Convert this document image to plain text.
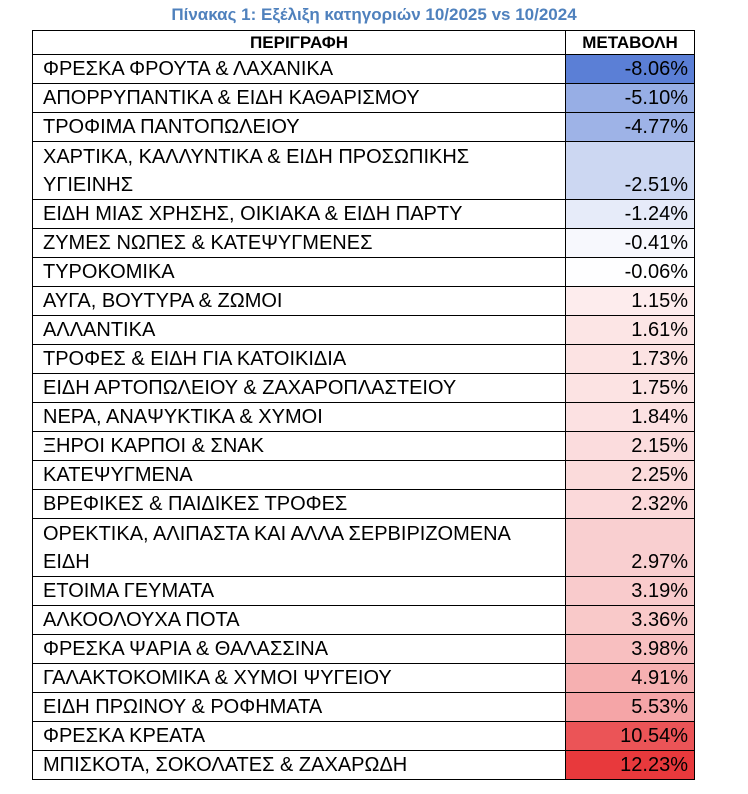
Πίνακας 1: Εξέλιξη κατηγοριών 10/2025 vs 10/2024
ΠΕΡΙΓΡΑΦΗ	ΜΕΤΑΒΟΛΗ
ΦΡΕΣΚΑ ΦΡΟΥΤΑ & ΛΑΧΑΝΙΚΑ	-8.06%
ΑΠΟΡΡΥΠΑΝΤΙΚΑ & ΕΙΔΗ ΚΑΘΑΡΙΣΜΟΥ	-5.10%
ΤΡΟΦΙΜΑ ΠΑΝΤΟΠΩΛΕΙΟΥ	-4.77%
ΧΑΡΤΙΚΑ, ΚΑΛΛΥΝΤΙΚΑ & ΕΙΔΗ ΠΡΟΣΩΠΙΚΗΣ ΥΓΙΕΙΝΗΣ	-2.51%
ΕΙΔΗ ΜΙΑΣ ΧΡΗΣΗΣ, ΟΙΚΙΑΚΑ & ΕΙΔΗ ΠΑΡΤΥ	-1.24%
ΖΥΜΕΣ ΝΩΠΕΣ & ΚΑΤΕΨΥΓΜΕΝΕΣ	-0.41%
ΤΥΡΟΚΟΜΙΚΑ	-0.06%
ΑΥΓΑ, ΒΟΥΤΥΡΑ & ΖΩΜΟΙ	1.15%
ΑΛΛΑΝΤΙΚΑ	1.61%
ΤΡΟΦΕΣ & ΕΙΔΗ ΓΙΑ ΚΑΤΟΙΚΙΔΙΑ	1.73%
ΕΙΔΗ ΑΡΤΟΠΩΛΕΙΟΥ & ΖΑΧΑΡΟΠΛΑΣΤΕΙΟΥ	1.75%
ΝΕΡΑ, ΑΝΑΨΥΚΤΙΚΑ & ΧΥΜΟΙ	1.84%
ΞΗΡΟΙ ΚΑΡΠΟΙ & ΣΝΑΚ	2.15%
ΚΑΤΕΨΥΓΜΕΝΑ	2.25%
ΒΡΕΦΙΚΕΣ & ΠΑΙΔΙΚΕΣ ΤΡΟΦΕΣ	2.32%
ΟΡΕΚΤΙΚΑ, ΑΛΙΠΑΣΤΑ ΚΑΙ ΑΛΛΑ ΣΕΡΒΙΡΙΖΟΜΕΝΑ ΕΙΔΗ	2.97%
ΕΤΟΙΜΑ ΓΕΥΜΑΤΑ	3.19%
ΑΛΚΟΟΛΟΥΧΑ ΠΟΤΑ	3.36%
ΦΡΕΣΚΑ ΨΑΡΙΑ & ΘΑΛΑΣΣΙΝΑ	3.98%
ΓΑΛΑΚΤΟΚΟΜΙΚΑ & ΧΥΜΟΙ ΨΥΓΕΙΟΥ	4.91%
ΕΙΔΗ ΠΡΩΙΝΟΥ & ΡΟΦΗΜΑΤΑ	5.53%
ΦΡΕΣΚΑ ΚΡΕΑΤΑ	10.54%
ΜΠΙΣΚΟΤΑ, ΣΟΚΟΛΑΤΕΣ & ΖΑΧΑΡΩΔΗ	12.23%
